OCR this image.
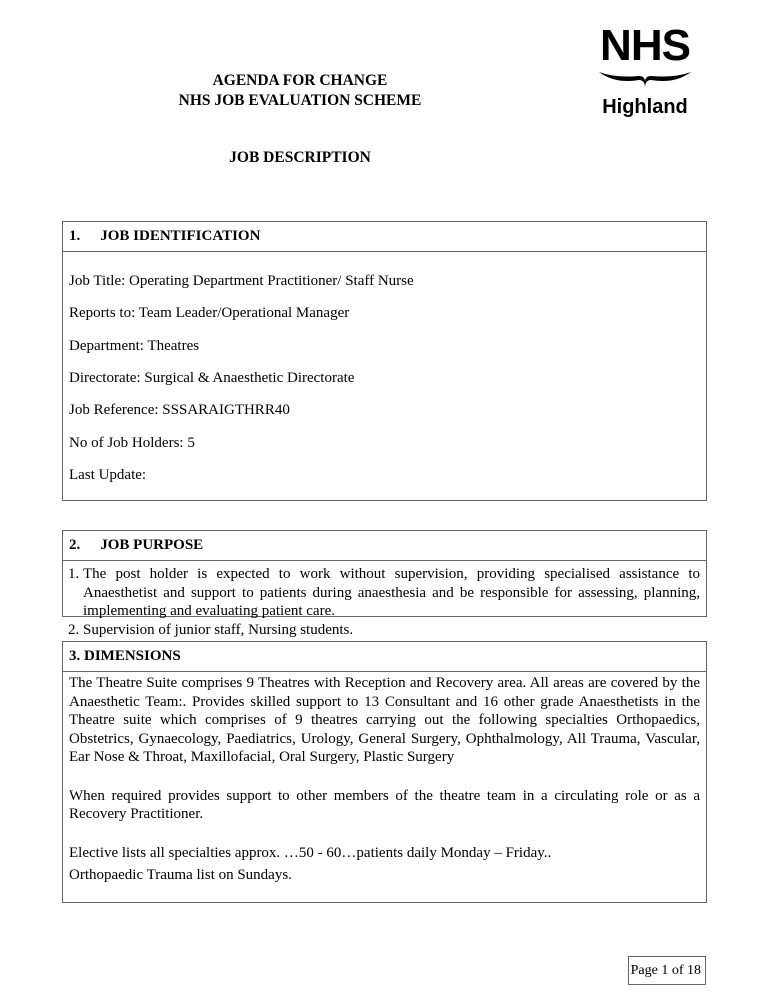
AGENDA FOR CHANGE
NHS JOB EVALUATION SCHEME
JOB DESCRIPTION
NHS
Highland
1. JOB IDENTIFICATION
Job Title: Operating Department Practitioner/ Staff Nurse
Reports to: Team Leader/Operational Manager
Department: Theatres
Directorate: Surgical & Anaesthetic Directorate
Job Reference: SSSARAIGTHRR40
No of Job Holders: 5
Last Update:
2. JOB PURPOSE
1. The post holder is expected to work without supervision, providing specialised assistance to Anaesthetist and support to patients during anaesthesia and be responsible for assessing, planning, implementing and evaluating patient care.
2. Supervision of junior staff, Nursing students.
3. DIMENSIONS
The Theatre Suite comprises 9 Theatres with Reception and Recovery area. All areas are covered by the Anaesthetic Team:. Provides skilled support to 13 Consultant and 16 other grade Anaesthetists in the Theatre suite which comprises of 9 theatres carrying out the following specialties Orthopaedics, Obstetrics, Gynaecology, Paediatrics, Urology, General Surgery, Ophthalmology, All Trauma, Vascular, Ear Nose & Throat, Maxillofacial, Oral Surgery, Plastic Surgery
When required provides support to other members of the theatre team in a circulating role or as a Recovery Practitioner.
Elective lists all specialties approx. …50 - 60…patients daily Monday – Friday..
Orthopaedic Trauma list on Sundays.
Page 1 of 18
